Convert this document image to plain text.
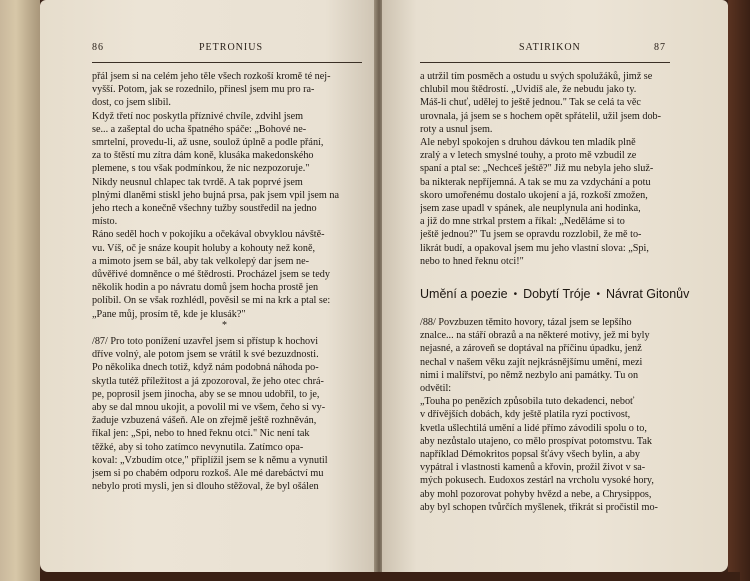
86	PETRONIUS
přál jsem si na celém jeho těle všech rozkoší kromě té nej-
vyšší. Potom, jak se rozednilo, přinesl jsem mu pro ra-
dost, co jsem slíbil.
Když třetí noc poskytla příznivé chvíle, zdvihl jsem
se... a zašeptal do ucha špatného spáče: „Bohové ne-
smrtelní, provedu-li, až usne, soulož úplně a podle přání,
za to štěstí mu zítra dám koně, klusáka makedonského
plemene, s tou však podmínkou, že nic nezpozoruje."
Nikdy neusnul chlapec tak tvrdě. A tak poprvé jsem
plnými dlaněmi stiskl jeho bujná prsa, pak jsem vpil jsem na
jeho rtech a konečně všechny tužby soustředil na jedno
místo.
Ráno seděl hoch v pokojíku a očekával obvyklou návště-
vu. Víš, oč je snáze koupit holuby a kohouty než koně,
a mimoto jsem se bál, aby tak velkolepý dar jsem ne-
důvěřivé domněnce o mé štědrosti. Procházel jsem se tedy
několik hodin a po návratu domů jsem hocha prostě jen
políbil. On se však rozhlédl, pověsil se mi na krk a ptal se:
„Pane můj, prosím tě, kde je klusák?"
*
/87/ Pro toto ponížení uzavřel jsem si přístup k hochovi
dříve volný, ale potom jsem se vrátil k své bezuzdnosti.
Po několika dnech totiž, když nám podobná náhoda po-
skytla tutéž příležitost a já zpozoroval, že jeho otec chrá-
pe, poprosil jsem jinocha, aby se se mnou udobřil, to je,
aby se dal mnou ukojit, a povolil mi ve všem, čeho si vy-
žaduje vzbuzená vášeň. Ale on zřejmě ještě rozhněván,
říkal jen: „Spi, nebo to hned řeknu otci." Nic není tak
těžké, aby si toho zatímco nevynutila. Zatímco opa-
koval: „Vzbudím otce," připlížil jsem se k němu a vynutil
jsem si po chabém odporu rozkoš. Ale mé darebáctví mu
nebylo proti mysli, jen si dlouho stěžoval, že byl ošálen
SATIRIKON	87
a utržil tím posměch a ostudu u svých spolužáků, jimž se
chlubil mou štědrostí. „Uvidíš ale, že nebudu jako ty.
Máš-li chuť, udělej to ještě jednou." Tak se celá ta věc
urovnala, já jsem se s hochem opět spřátelil, užil jsem dob-
roty a usnul jsem.
Ale nebyl spokojen s druhou dávkou ten mladík plně
zralý a v letech smyslné touhy, a proto mě vzbudil ze
spaní a ptal se: „Nechceš ještě?" Již mu nebyla jeho služ-
ba nikterak nepříjemná. A tak se mu za vzdychání a potu
skoro umořenému dostalo ukojení a já, rozkoší zmožen,
jsem zase upadl v spánek, ale neuplynula ani hodinka,
a již do mne strkal prstem a říkal: „Neděláme si to
ještě jednou?" Tu jsem se opravdu rozzlobil, že mě to-
likrát budí, a opakoval jsem mu jeho vlastní slova: „Spi,
nebo to hned řeknu otci!"
Umění a poezie • Dobytí Tróje • Návrat Gitonův
/88/ Povzbuzen těmito hovory, tázal jsem se lepšího
znalce... na stáří obrazů a na některé motivy, jež mi byly
nejasné, a zároveň se doptával na příčinu úpadku, jenž
nechal v našem věku zajít nejkrásnějšímu umění, mezi
nimi i malířství, po němž nezbylo ani památky. Tu on
odvětil:
„Touha po penězích způsobila tuto dekadenci, neboť
v dřívějších dobách, kdy ještě platila ryzí poctivost,
kvetla ušlechtilá umění a lidé přímo závodili spolu o to,
aby nezůstalo utajeno, co mělo prospívat potomstvu. Tak
například Démokritos popsal šťávy všech bylin, a aby
vypátral i vlastnosti kamenů a křovin, prožil život v sa-
mých pokusech. Eudoxos zestárl na vrcholu vysoké hory,
aby mohl pozorovat pohyby hvězd a nebe, a Chrysippos,
aby byl schopen tvůrčích myšlenek, třikrát si pročistil mo-
